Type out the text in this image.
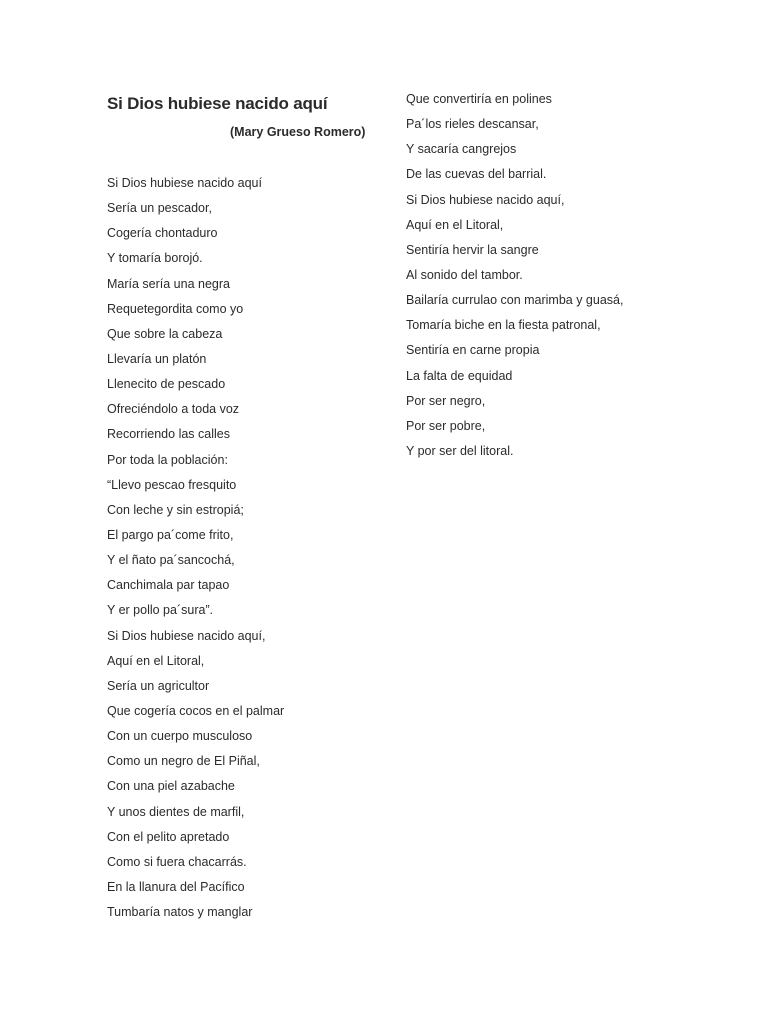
Si Dios hubiese nacido aquí
(Mary Grueso Romero)
Si Dios hubiese nacido aquí
Sería un pescador,
Cogería chontaduro
Y tomaría borojó.
María sería una negra
Requetegordita como yo
Que sobre la cabeza
Llevaría un platón
Llenecito de pescado
Ofreciéndolo a toda voz
Recorriendo las calles
Por toda la población:
“Llevo pescao fresquito
Con leche y sin estropiá;
El pargo pa´come frito,
Y el ñato pa´sancochá,
Canchimala par tapao
Y er pollo pa´sura”.
Si Dios hubiese nacido aquí,
Aquí en el Litoral,
Sería un agricultor
Que cogería cocos en el palmar
Con un cuerpo musculoso
Como un negro de El Piñal,
Con una piel azabache
Y unos dientes de marfil,
Con el pelito apretado
Como si fuera chacarrás.
En la llanura del Pacífico
Tumbaría natos y manglar
Que convertiría en polines
Pa´los rieles descansar,
Y sacaría cangrejos
De las cuevas del barrial.
Si Dios hubiese nacido aquí,
Aquí en el Litoral,
Sentiría hervir la sangre
Al sonido del tambor.
Bailaría currulao con marimba y guasá,
Tomaría biche en la fiesta patronal,
Sentiría en carne propia
La falta de equidad
Por ser negro,
Por ser pobre,
Y por ser del litoral.
